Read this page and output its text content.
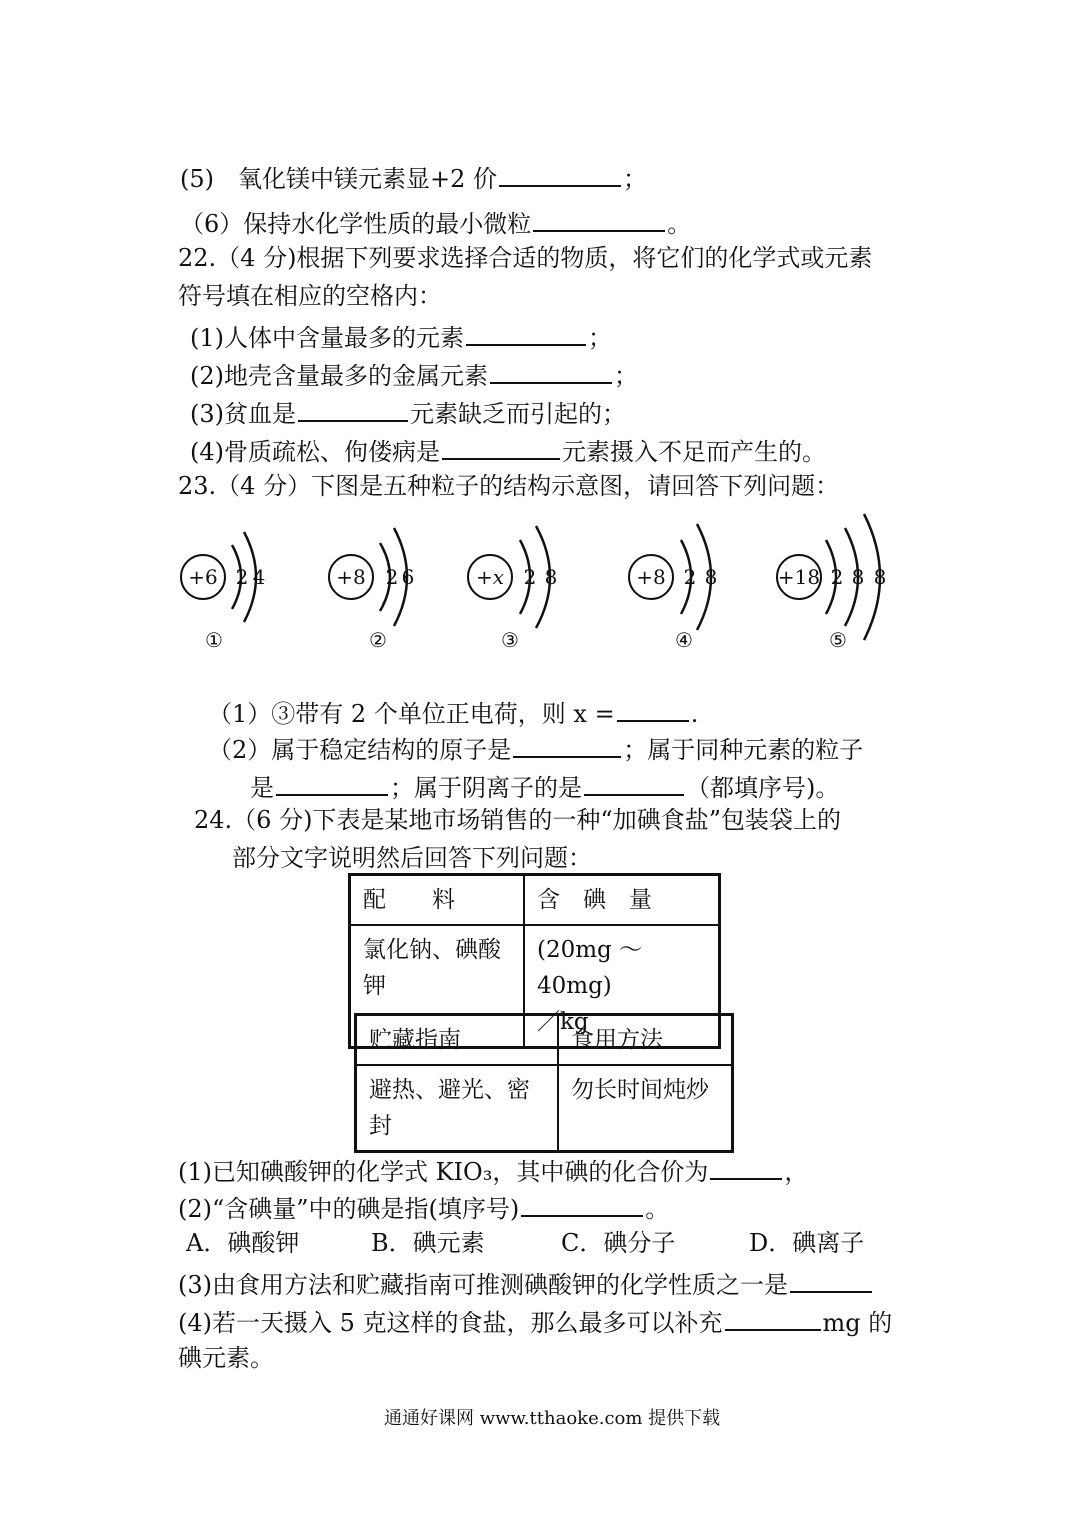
(5)　氧化镁中镁元素显+2 价	；
（6）保持水化学性质的最小微粒	。
22.（4 分)根据下列要求选择合适的物质，将它们的化学式或元素
符号填在相应的空格内：
(1)人体中含量最多的元素	；
(2)地壳含量最多的金属元素	；
(3)贫血是	元素缺乏而引起的；
(4)骨质疏松、佝偻病是	元素摄入不足而产生的。
23.（4 分）下图是五种粒子的结构示意图，请回答下列问题：
+6 2 4
①
+8 2 6
②
+x 2 8
③
+8 2 8
④
+18 2 8 8
⑤
（1）③带有 2 个单位正电荷，则 x =	.
（2）属于稳定结构的原子是	；属于同种元素的粒子
是	；属于阴离子的是	（都填序号)。
24.（6 分)下表是某地市场销售的一种“加碘食盐”包装袋上的
部分文字说明然后回答下列问题：
配　　料	含　碘　量
氯化钠、碘酸
钾	(20mg ～ 40mg)
／kg
贮藏指南	食用方法
避热、避光、密
封	勿长时间炖炒
(1)已知碘酸钾的化学式 KIO₃，其中碘的化合价为	，
(2)“含碘量”中的碘是指(填序号)	。
A．碘酸钾	B．碘元素	C．碘分子	D．碘离子
(3)由食用方法和贮藏指南可推测碘酸钾的化学性质之一是
(4)若一天摄入 5 克这样的食盐，那么最多可以补充	mg 的
碘元素。
通通好课网 www.tthaoke.com 提供下载
